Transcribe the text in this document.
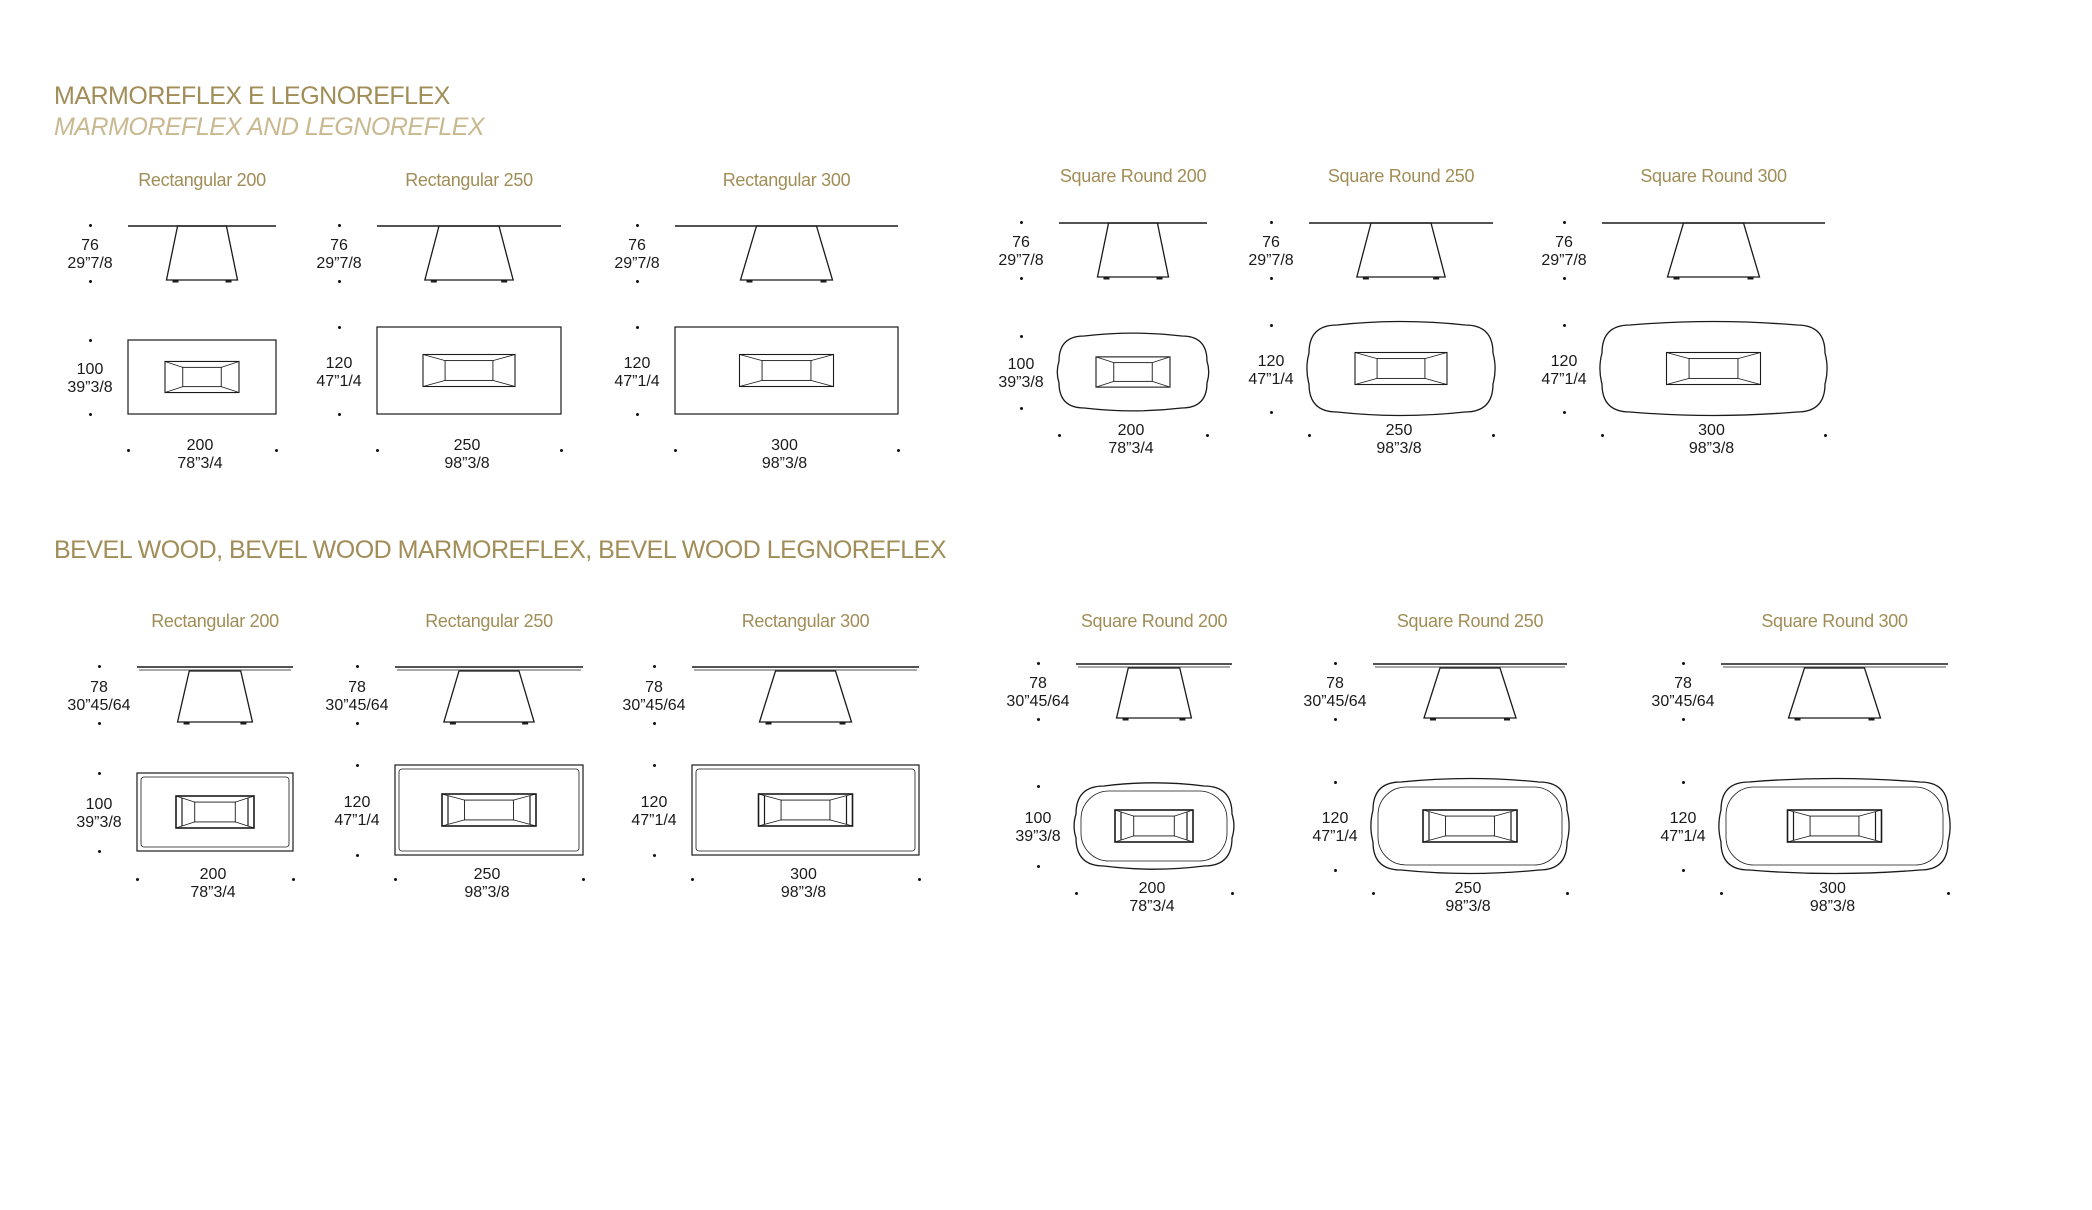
MARMOREFLEX E LEGNOREFLEX
MARMOREFLEX AND LEGNOREFLEX
BEVEL WOOD, BEVEL WOOD MARMOREFLEX, BEVEL WOOD LEGNOREFLEX
Rectangular 200
76
29”7/8
100
39”3/8
200
78”3/4
Rectangular 250
76
29”7/8
120
47”1/4
250
98”3/8
Rectangular 300
76
29”7/8
120
47”1/4
300
98”3/8
Square Round 200
76
29”7/8
100
39”3/8
200
78”3/4
Square Round 250
76
29”7/8
120
47”1/4
250
98”3/8
Square Round 300
76
29”7/8
120
47”1/4
300
98”3/8
Rectangular 200
78
30”45/64
100
39”3/8
200
78”3/4
Rectangular 250
78
30”45/64
120
47”1/4
250
98”3/8
Rectangular 300
78
30”45/64
120
47”1/4
300
98”3/8
Square Round 200
78
30”45/64
100
39”3/8
200
78”3/4
Square Round 250
78
30”45/64
120
47”1/4
250
98”3/8
Square Round 300
78
30”45/64
120
47”1/4
300
98”3/8
